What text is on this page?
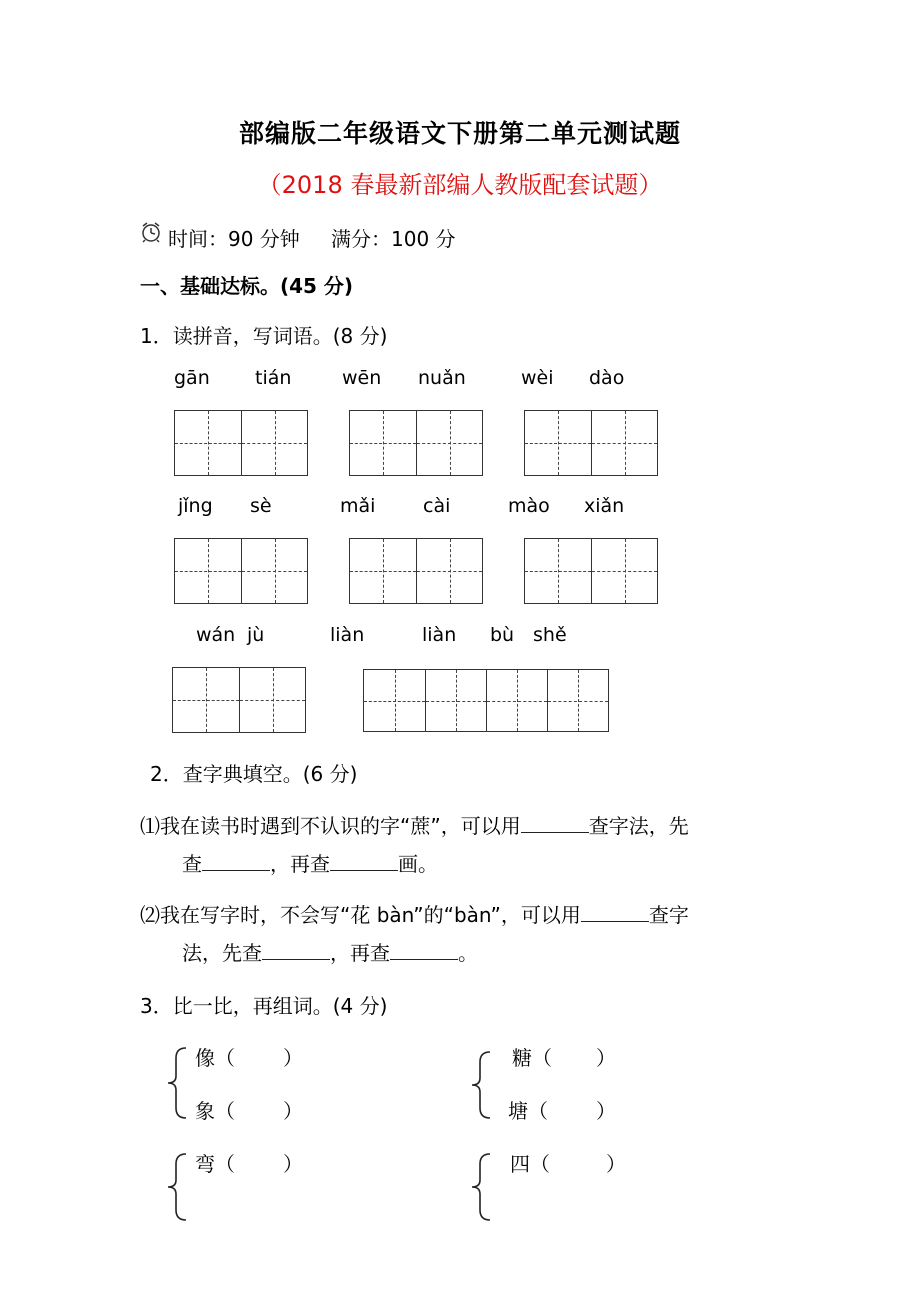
部编版二年级语文下册第二单元测试题
（2018 春最新部编人教版配套试题）
时间：90 分钟 满分：100 分
一、基础达标。(45 分)
1．读拼音，写词语。(8 分)
gān tián	wēn nuǎn	wèi dào
jǐng sè	mǎi	cài	mào xiǎn
wán jù	liàn	liàn bù shě
2．查字典填空。(6 分)
⑴我在读书时遇到不认识的字“蔗”，可以用	查字法，先
查	，再查	画。
⑵我在写字时，不会写“花 bàn”的“bàn”，可以用	查字
法，先查	，再查	。
3．比一比，再组词。(4 分)
像（ ）
象（ ）
糖（ ）
塘（ ）
弯（ ）	四（	）
